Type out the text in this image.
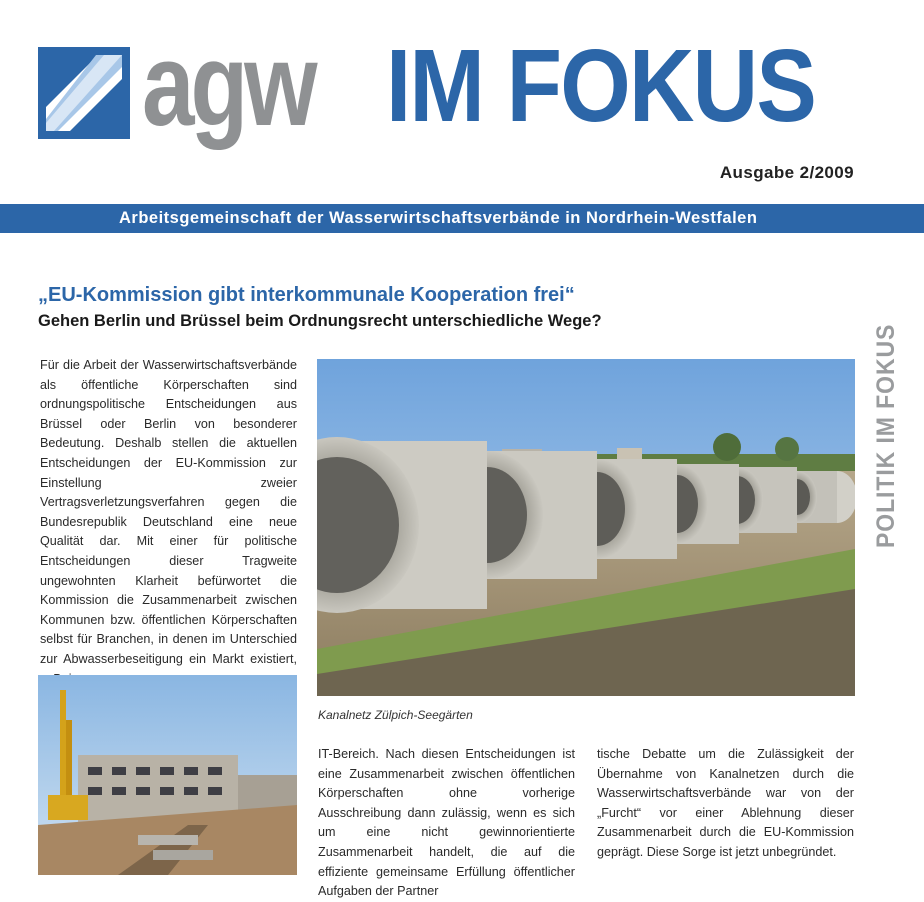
agw IM FOKUS
Ausgabe 2/2009
Arbeitsgemeinschaft der Wasserwirtschaftsverbände in Nordrhein-Westfalen
„EU-Kommission gibt interkommunale Kooperation frei“
Gehen Berlin und Brüssel beim Ordnungsrecht unterschiedliche Wege?
POLITIK IM FOKUS
Für die Arbeit der Wasserwirtschaftsverbände als öffentliche Körperschaften sind ordnungspolitische Entscheidungen aus Brüssel oder Berlin von besonderer Bedeutung. Deshalb stellen die aktuellen Entscheidungen der EU-Kommission zur Einstellung zweier Vertragsverletzungsverfahren gegen die Bundesrepublik Deutschland eine neue Qualität dar. Mit einer für politische Entscheidungen dieser Tragweite ungewohnten Klarheit befürwortet die Kommission die Zusammenarbeit zwischen Kommunen bzw. öffentlichen Körperschaften selbst für Branchen, in denen im Unterschied zur Abwasserbeseitigung ein Markt existiert,
Kanalnetz Zülpich-Seegärten
IT-Bereich. Nach diesen Entscheidungen ist eine Zusammenarbeit zwischen öffentlichen Körperschaften ohne vorherige Ausschreibung dann zulässig, wenn es sich um eine nicht gewinnorientierte Zusammenarbeit handelt, die auf die effiziente gemeinsame Erfüllung öffentlicher Aufgaben der Partner
tische Debatte um die Zulässigkeit der Übernahme von Kanalnetzen durch die Wasserwirtschaftsverbände war von der „Furcht“ vor einer Ablehnung dieser Zusammenarbeit durch die EU-Kommission geprägt. Diese Sorge ist jetzt unbegründet.
